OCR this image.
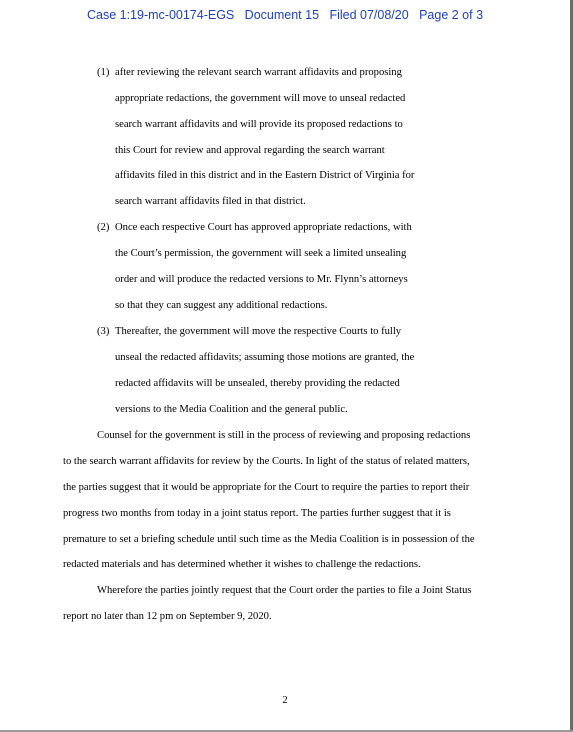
Case 1:19-mc-00174-EGS   Document 15   Filed 07/08/20   Page 2 of 3
(1) after reviewing the relevant search warrant affidavits and proposing
appropriate redactions, the government will move to unseal redacted
search warrant affidavits and will provide its proposed redactions to
this Court for review and approval regarding the search warrant
affidavits filed in this district and in the Eastern District of Virginia for
search warrant affidavits filed in that district.
(2) Once each respective Court has approved appropriate redactions, with
the Court’s permission, the government will seek a limited unsealing
order and will produce the redacted versions to Mr. Flynn’s attorneys
so that they can suggest any additional redactions.
(3) Thereafter, the government will move the respective Courts to fully
unseal the redacted affidavits; assuming those motions are granted, the
redacted affidavits will be unsealed, thereby providing the redacted
versions to the Media Coalition and the general public.
Counsel for the government is still in the process of reviewing and proposing redactions
to the search warrant affidavits for review by the Courts. In light of the status of related matters,
the parties suggest that it would be appropriate for the Court to require the parties to report their
progress two months from today in a joint status report. The parties further suggest that it is
premature to set a briefing schedule until such time as the Media Coalition is in possession of the
redacted materials and has determined whether it wishes to challenge the redactions.
Wherefore the parties jointly request that the Court order the parties to file a Joint Status
report no later than 12 pm on September 9, 2020.
2
